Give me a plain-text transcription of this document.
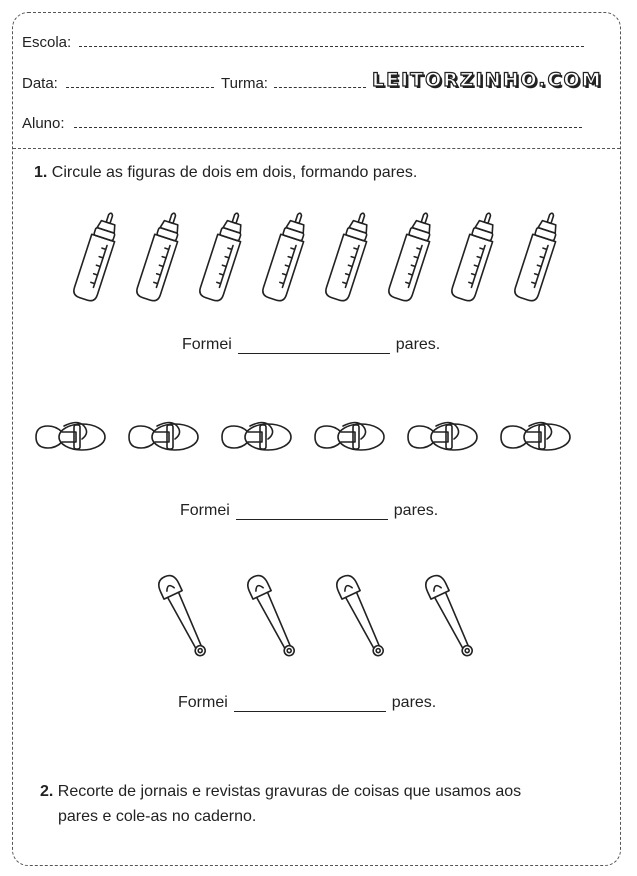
Escola:
Data:	Turma:	LEITORZINHO.COM
Aluno:
1. Circule as figuras de dois em dois, formando pares.
Formei	pares.
Formei	pares.
Formei	pares.
2. Recorte de jornais e revistas gravuras de coisas que usamos aos
pares e cole-as no caderno.
